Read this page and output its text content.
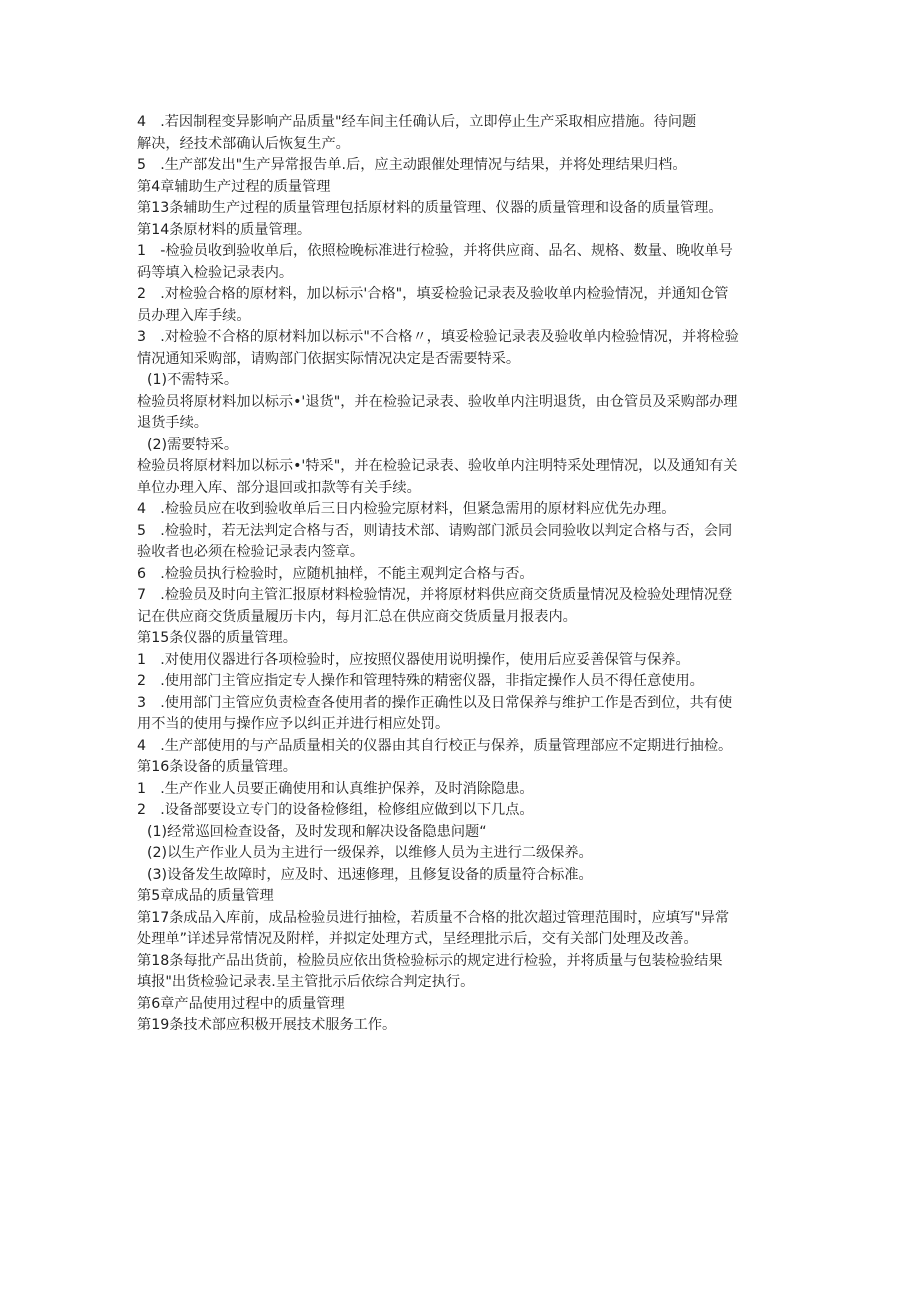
4　.若因制程变异影响产品质量"经车间主任确认后，立即停止生产采取相应措施。待问题
解决，经技术部确认后恢复生产。
5　.生产部发出"生产异常报告单.后，应主动跟催处理情况与结果，并将处理结果归档。
第4章辅助生产过程的质量管理
第13条辅助生产过程的质量管理包括原材料的质量管理、仪器的质量管理和设备的质量管理。
第14条原材料的质量管理。
1　-检验员收到验收单后，依照检晚标准进行检验，并将供应商、品名、规格、数量、晚收单号
码等填入检验记录表内。
2　.对检验合格的原材料，加以标示'合格"，填妥检验记录表及验收单内检验情况，并通知仓管
员办理入库手续。
3　.对检验不合格的原材料加以标示"不合格〃，填妥检验记录表及验收单内检验情况，并将检验
情况通知采购部，请购部门依据实际情况决定是否需要特采。
(1)不需特采。
检验员将原材料加以标示•'退货"，并在检验记录表、验收单内注明退货，由仓管员及采购部办理
退货手续。
(2)需要特采。
检验员将原材料加以标示•'特采"，并在检验记录表、验收单内注明特采处理情况，以及通知有关
单位办理入库、部分退回或扣款等有关手续。
4　.检验员应在收到验收单后三日内检验完原材料，但紧急需用的原材料应优先办理。
5　.检验时，若无法判定合格与否，则请技术部、请购部门派员会同验收以判定合格与否，会同
验收者也必须在检验记录表内签章。
6　.检验员执行检验时，应随机抽样，不能主观判定合格与否。
7　.检验员及时向主管汇报原材料检验情况，并将原材料供应商交货质量情况及检验处理情况登
记在供应商交货质量履历卡内，每月汇总在供应商交货质量月报表内。
第15条仪器的质量管理。
1　.对使用仪器进行各项检验时，应按照仪器使用说明操作，使用后应妥善保管与保养。
2　.使用部门主管应指定专人操作和管理特殊的精密仪器，非指定操作人员不得任意使用。
3　.使用部门主管应负责检查各使用者的操作正确性以及日常保养与维护工作是否到位，共有使
用不当的使用与操作应予以纠正并进行相应处罚。
4　.生产部使用的与产品质量相关的仪器由其自行校正与保养，质量管理部应不定期进行抽检。
第16条设备的质量管理。
1　.生产作业人员要正确使用和认真维护保养，及时消除隐患。
2　.设备部要设立专门的设备检修组，检修组应做到以下几点。
(1)经常巡回检查设备，及时发现和解决设备隐患问题“
(2)以生产作业人员为主进行一级保养，以维修人员为主进行二级保养。
(3)设备发生故障时，应及时、迅速修理，且修复设备的质量符合标准。
第5章成品的质量管理
第17条成品入库前，成品检验员进行抽检，若质量不合格的批次超过管理范围时，应填写"异常
处理单”详述异常情况及附样，并拟定处理方式，呈经理批示后，交有关部门处理及改善。
第18条每批产品出货前，检脸员应依出货检验标示的规定进行检验，并将质量与包装检验结果
填报"出货检验记录表.呈主管批示后依综合判定执行。
第6章产品使用过程中的质量管理
第19条技术部应积极开展技术服务工作。
